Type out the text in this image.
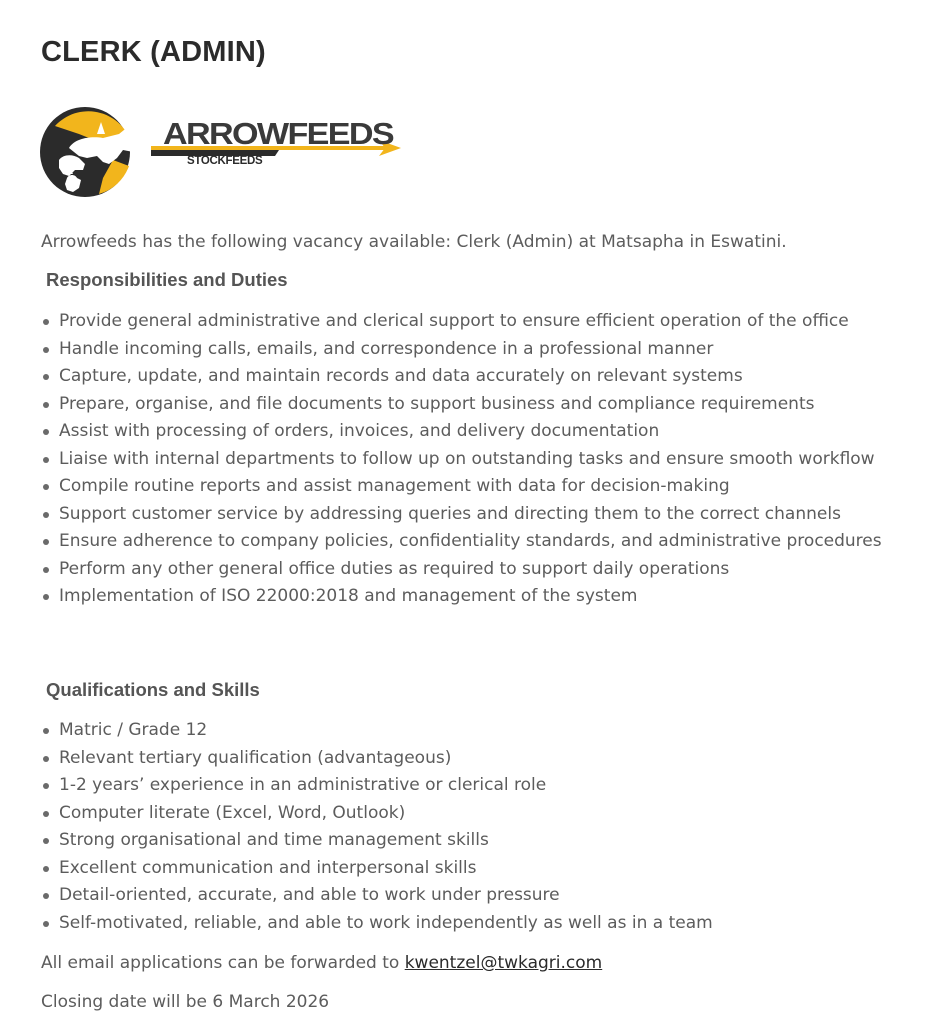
CLERK (ADMIN)
ARROWFEEDS
STOCKFEEDS

Arrowfeeds has the following vacancy available: Clerk (Admin) at Matsapha in Eswatini.

Responsibilities and Duties
Provide general administrative and clerical support to ensure efficient operation of the office
Handle incoming calls, emails, and correspondence in a professional manner
Capture, update, and maintain records and data accurately on relevant systems
Prepare, organise, and file documents to support business and compliance requirements
Assist with processing of orders, invoices, and delivery documentation
Liaise with internal departments to follow up on outstanding tasks and ensure smooth workflow
Compile routine reports and assist management with data for decision-making
Support customer service by addressing queries and directing them to the correct channels
Ensure adherence to company policies, confidentiality standards, and administrative procedures
Perform any other general office duties as required to support daily operations
Implementation of ISO 22000:2018 and management of the system
Qualifications and Skills
Matric / Grade 12
Relevant tertiary qualification (advantageous)
1-2 years’ experience in an administrative or clerical role
Computer literate (Excel, Word, Outlook)
Strong organisational and time management skills
Excellent communication and interpersonal skills
Detail-oriented, accurate, and able to work under pressure
Self-motivated, reliable, and able to work independently as well as in a team

All email applications can be forwarded to kwentzel@twkagri.com

Closing date will be 6 March 2026
